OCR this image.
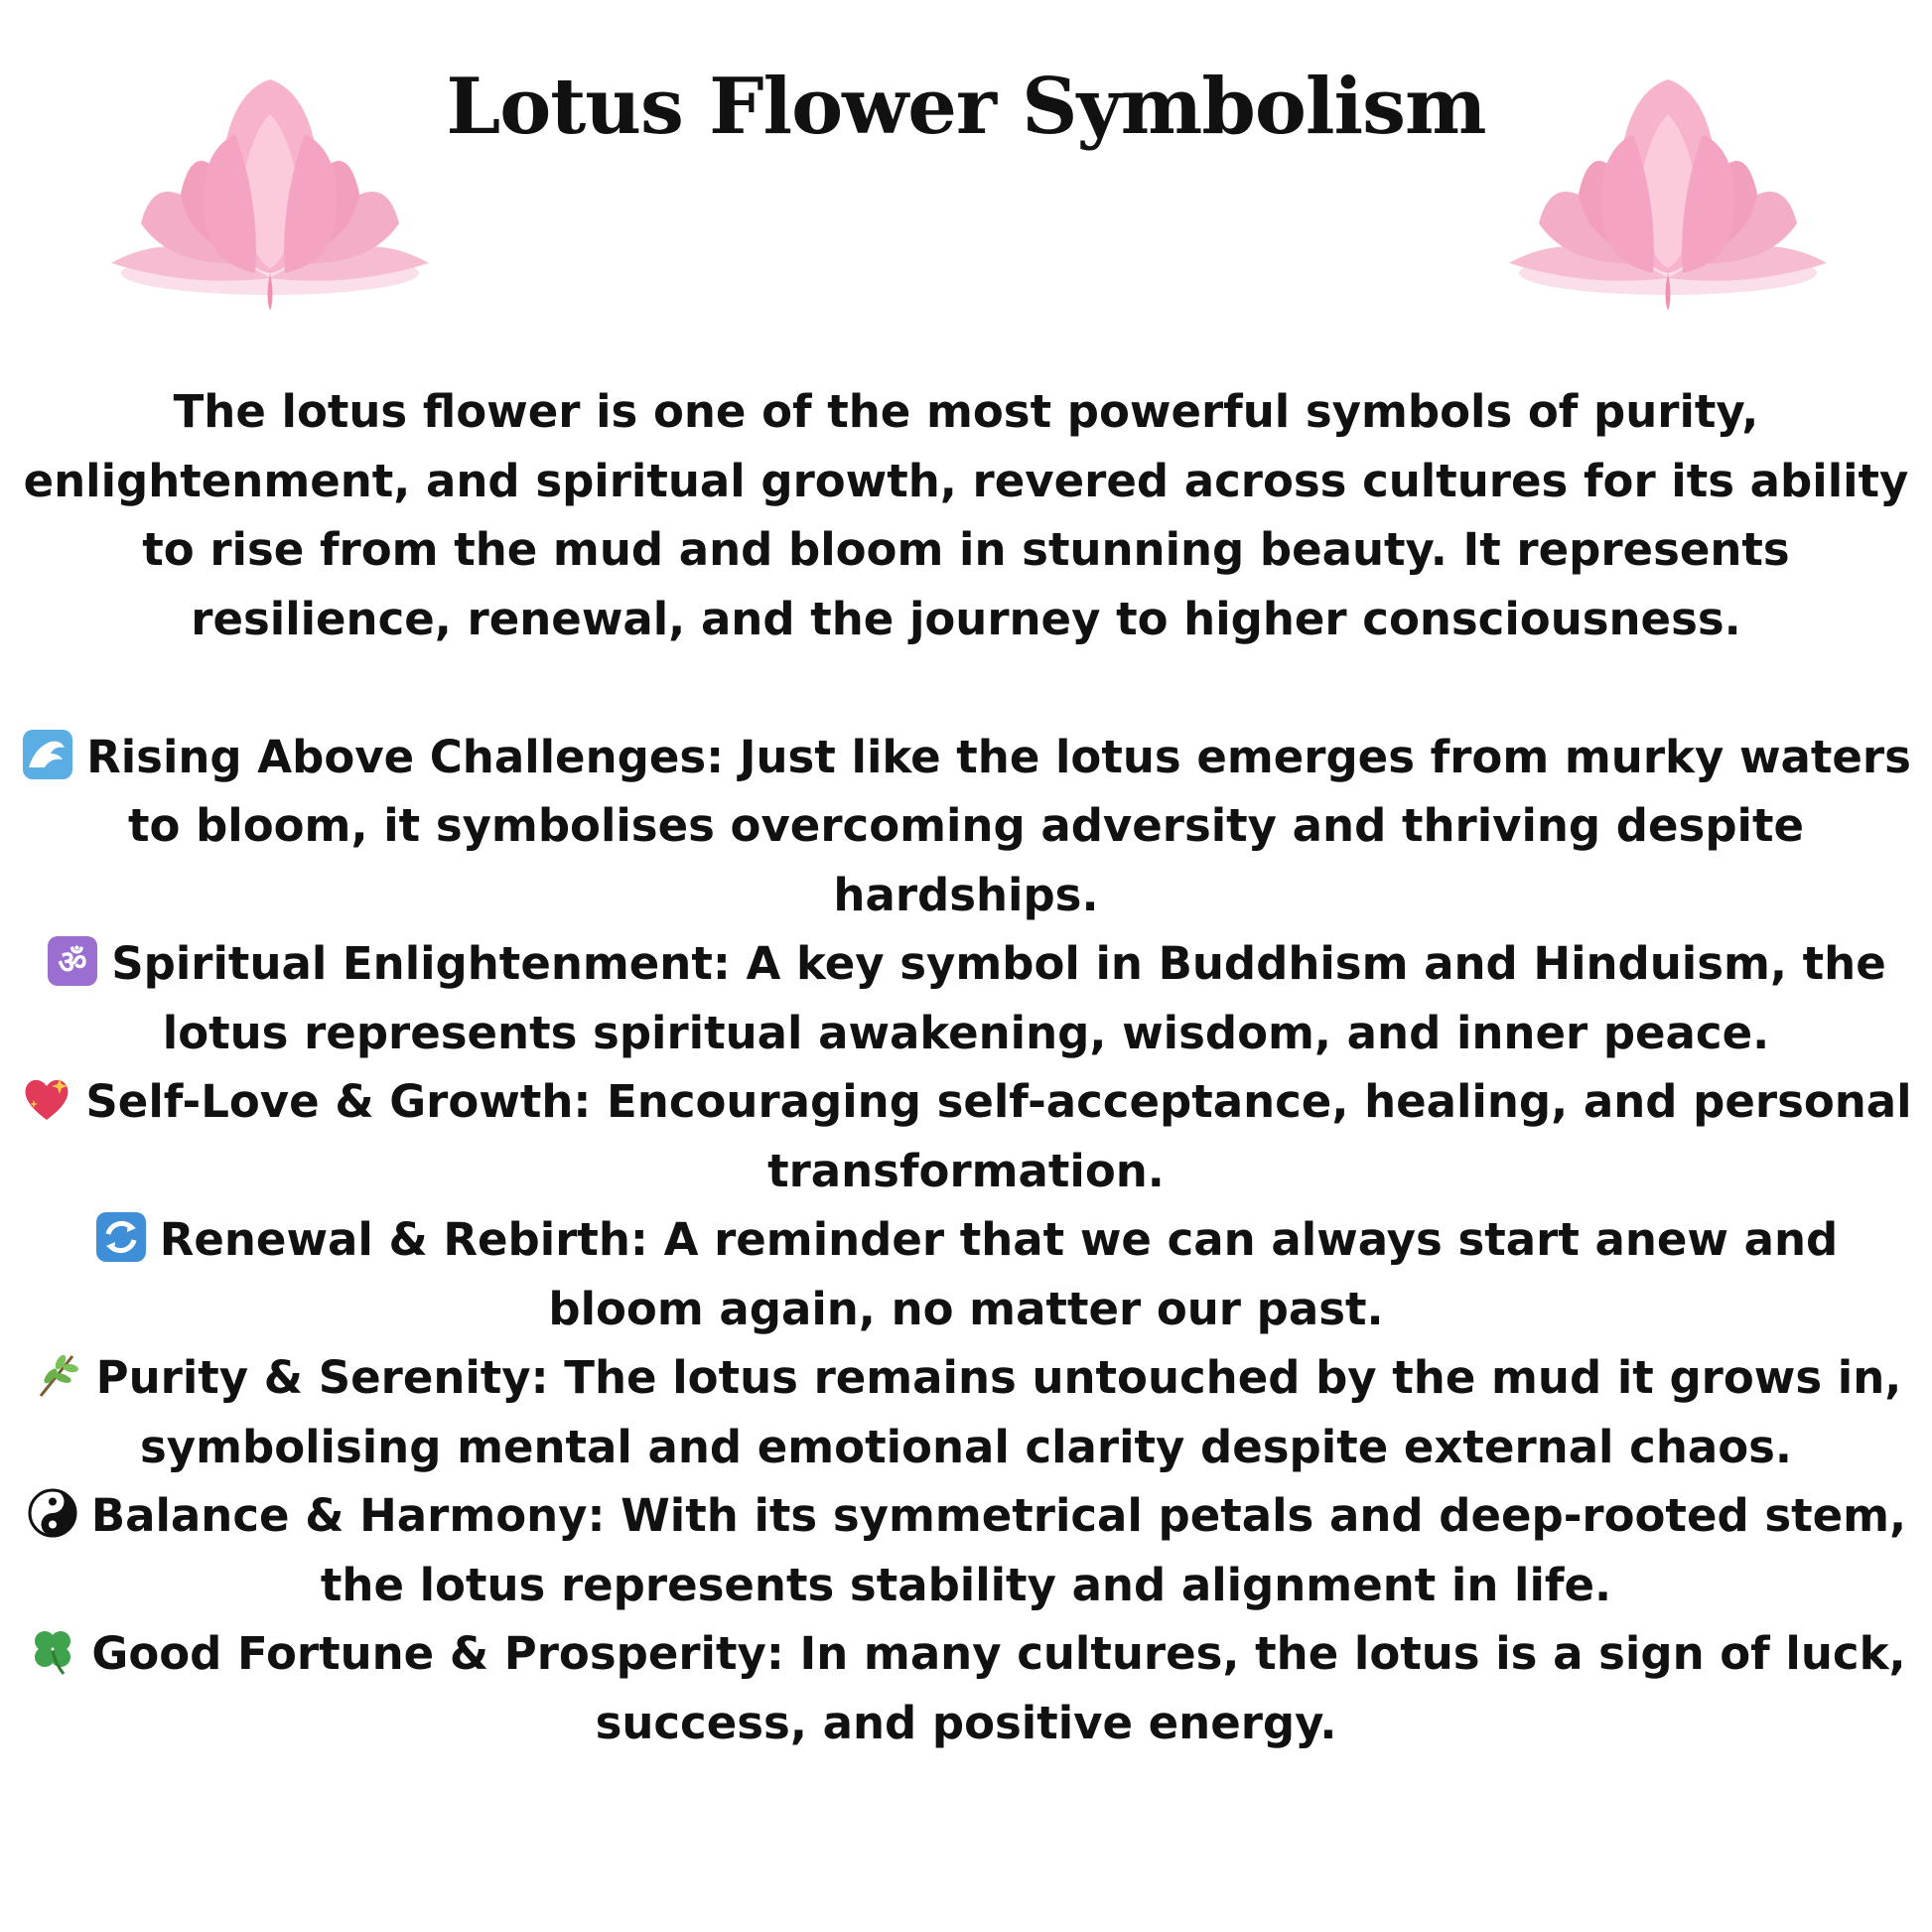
Lotus Flower Symbolism

The lotus flower is one of the most powerful symbols of purity, enlightenment, and spiritual growth, revered across cultures for its ability to rise from the mud and bloom in stunning beauty. It represents resilience, renewal, and the journey to higher consciousness.

Rising Above Challenges: Just like the lotus emerges from murky waters to bloom, it symbolises overcoming adversity and thriving despite hardships.

ॐ Spiritual Enlightenment: A key symbol in Buddhism and Hinduism, the lotus represents spiritual awakening, wisdom, and inner peace.

Self-Love & Growth: Encouraging self-acceptance, healing, and personal transformation.

Renewal & Rebirth: A reminder that we can always start anew and bloom again, no matter our past.

Purity & Serenity: The lotus remains untouched by the mud it grows in, symbolising mental and emotional clarity despite external chaos.

Balance & Harmony: With its symmetrical petals and deep-rooted stem, the lotus represents stability and alignment in life.

Good Fortune & Prosperity: In many cultures, the lotus is a sign of luck, success, and positive energy.
